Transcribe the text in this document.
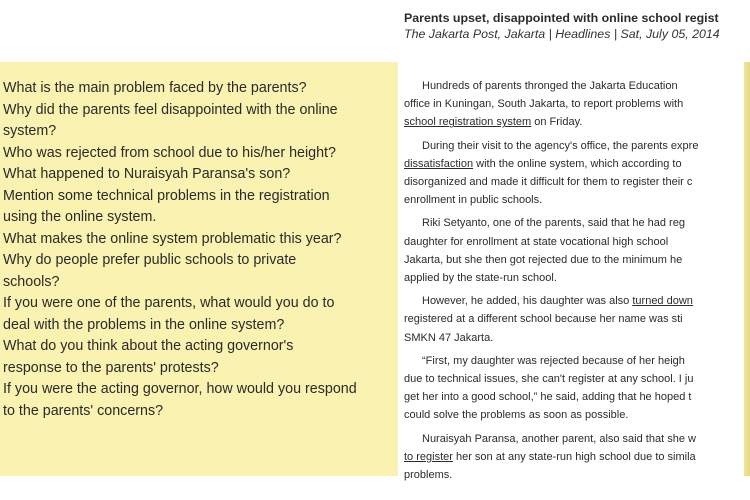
What is the main problem faced by the parents?
Why did the parents feel disappointed with the online
system?
Who was rejected from school due to his/her height?
What happened to Nuraisyah Paransa's son?
Mention some technical problems in the registration
using the online system.
What makes the online system problematic this year?
Why do people prefer public schools to private
schools?
If you were one of the parents, what would you do to
deal with the problems in the online system?
What do you think about the acting governor's
response to the parents' protests?
If you were the acting governor, how would you respond
to the parents' concerns?

Parents upset, disappointed with online school regist

The Jakarta Post, Jakarta | Headlines | Sat, July 05, 2014

Hundreds of parents thronged the Jakarta Education
office in Kuningan, South Jakarta, to report problems with
school registration system on Friday.

During their visit to the agency's office, the parents expre
dissatisfaction with the online system, which according to
disorganized and made it difficult for them to register their c
enrollment in public schools.

Riki Setyanto, one of the parents, said that he had reg
daughter for enrollment at state vocational high school
Jakarta, but she then got rejected due to the minimum he
applied by the state-run school.

However, he added, his daughter was also turned down
registered at a different school because her name was sti
SMKN 47 Jakarta.

“First, my daughter was rejected because of her heigh
due to technical issues, she can't register at any school. I ju
get her into a good school,” he said, adding that he hoped t
could solve the problems as soon as possible.

Nuraisyah Paransa, another parent, also said that she w
to register her son at any state-run high school due to simila
problems.
